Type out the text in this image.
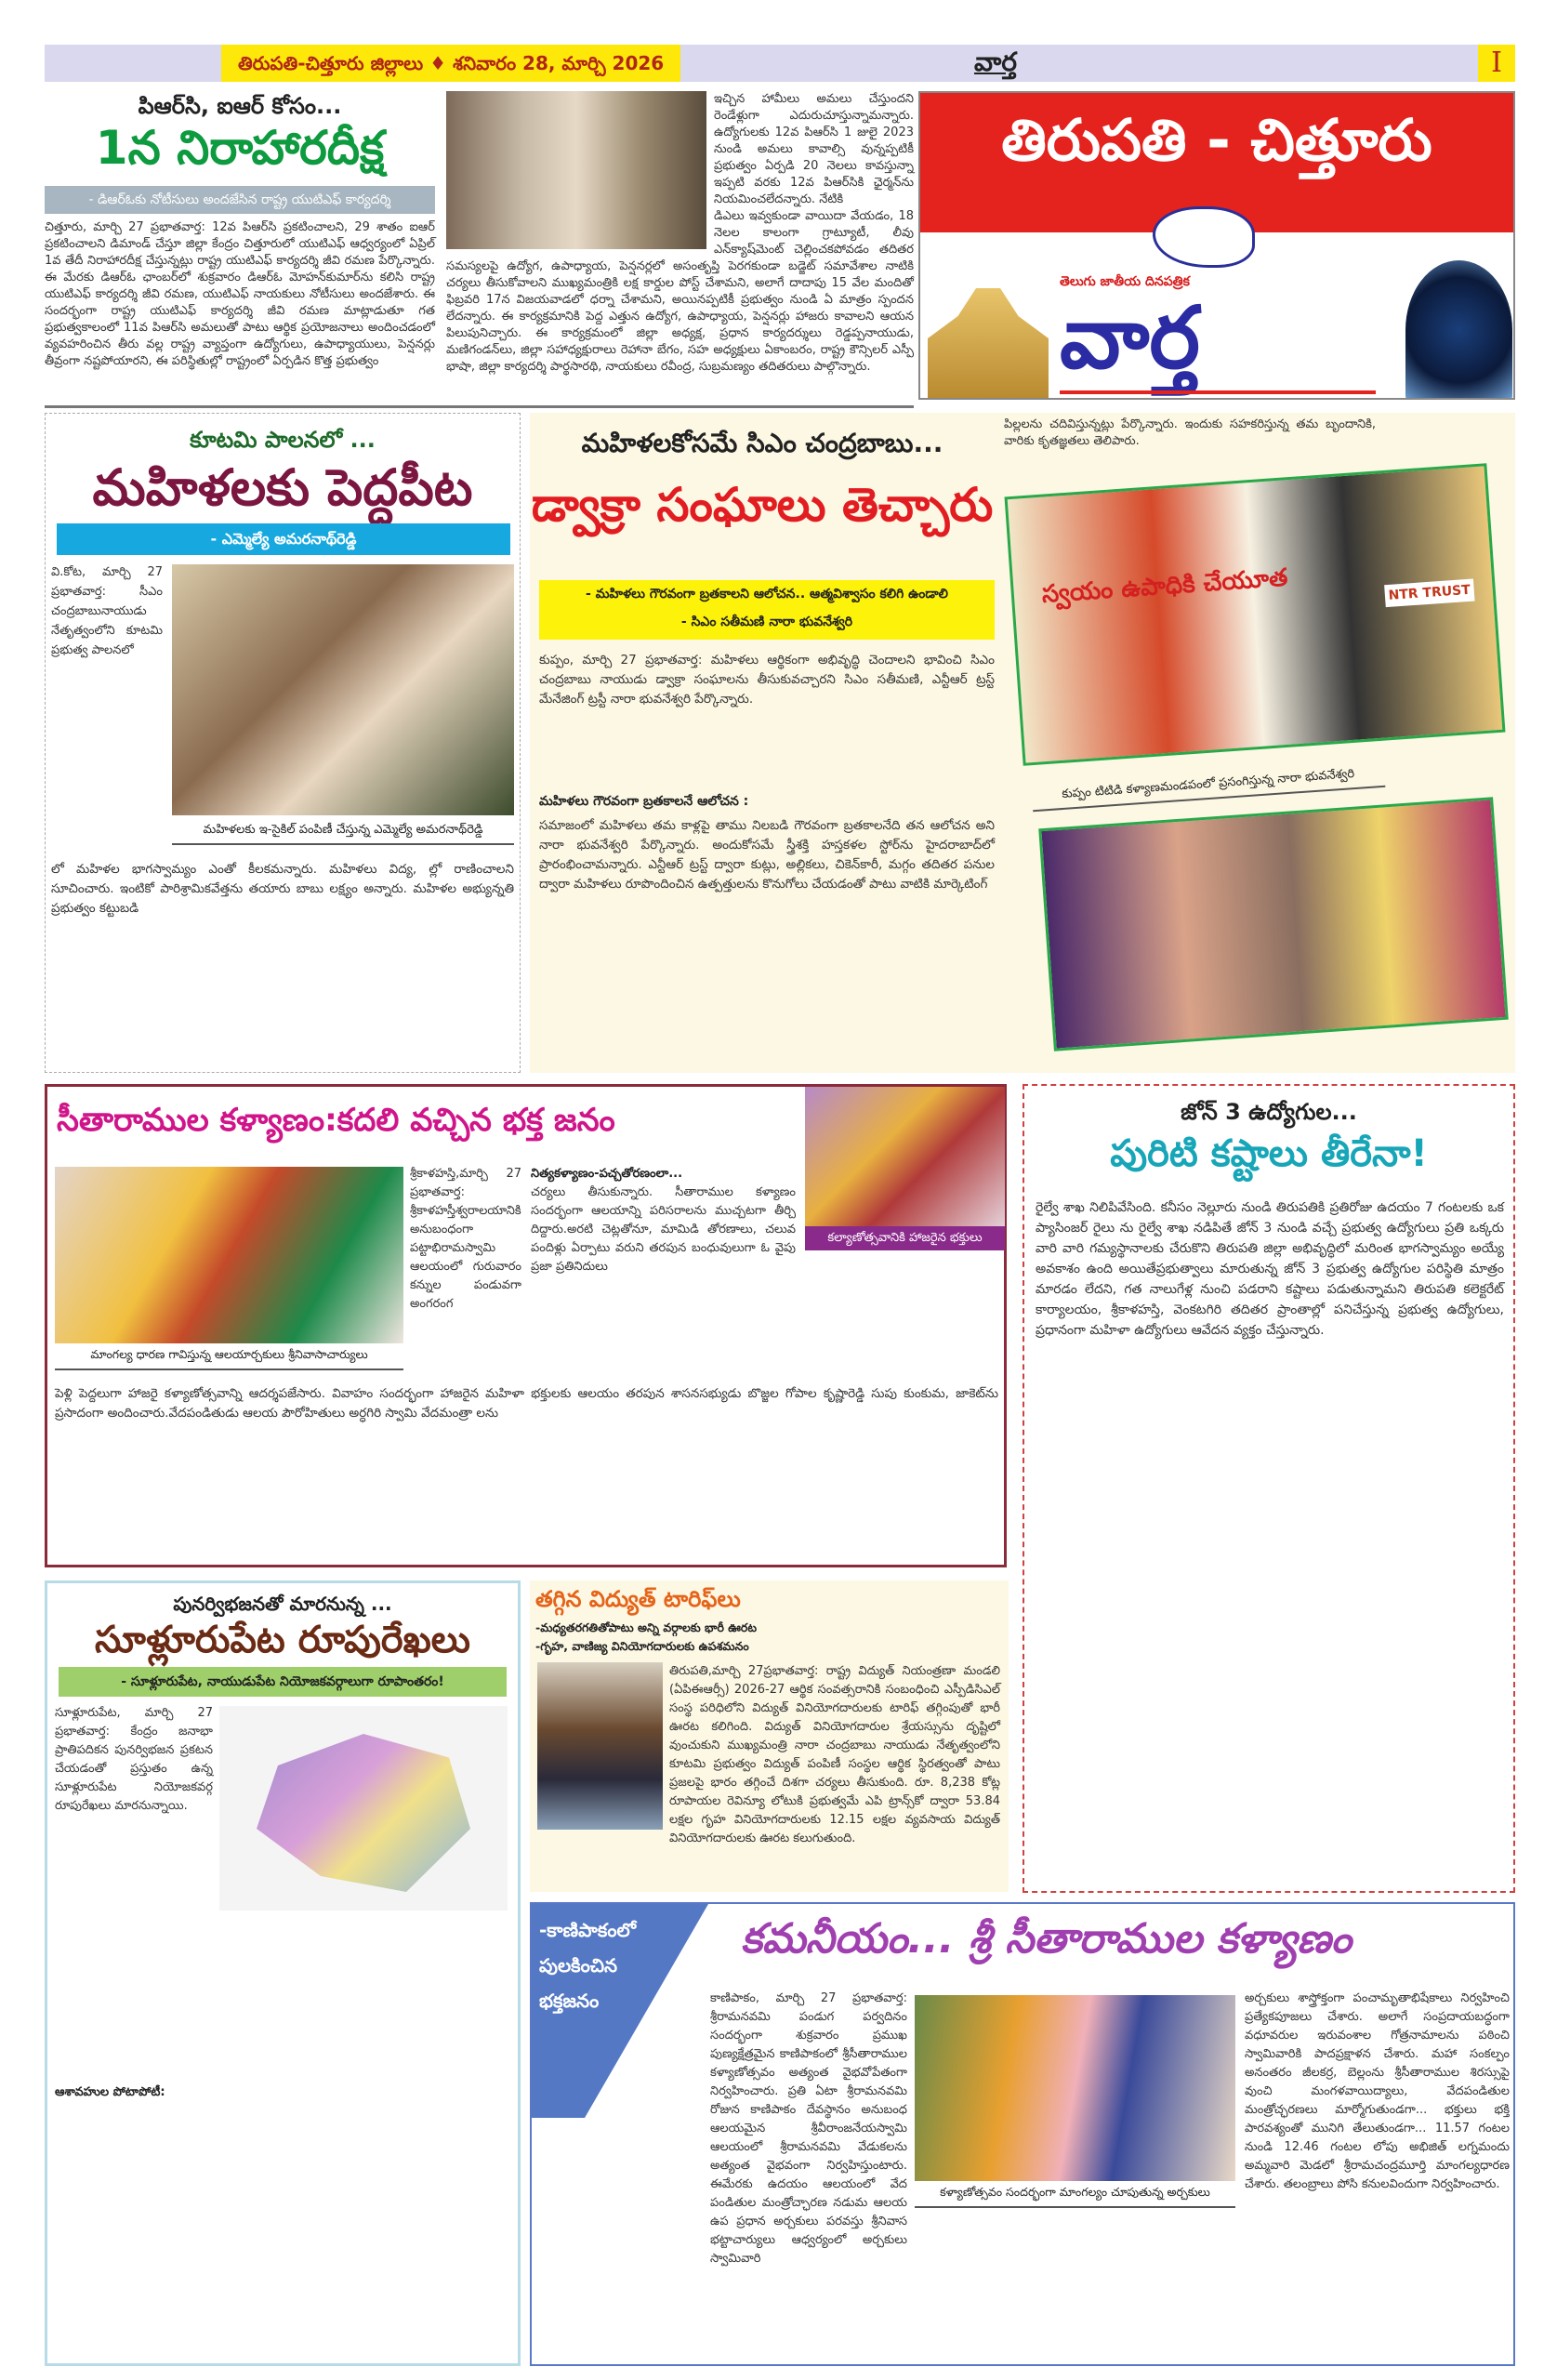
తిరుపతి-చిత్తూరు జిల్లాలు ♦ శనివారం 28, మార్చి 2026	వార్త	I
పిఆర్‌సి, ఐఆర్ కోసం...
1న నిరాహారదీక్ష
- డిఆర్‌ఓకు నోటీసులు అందజేసిన రాష్ట్ర యుటిఎఫ్ కార్యదర్శి
చిత్తూరు, మార్చి 27 ప్రభాతవార్త: 12వ పిఆర్‌సి ప్రకటించాలని, 29 శాతం ఐఆర్ ప్రకటించాలని డిమాండ్ చేస్తూ జిల్లా కేంద్రం చిత్తూరులో యుటిఎఫ్ ఆధ్వర్యంలో ఏప్రిల్ 1వ తేదీ నిరాహారదీక్ష చేస్తున్నట్లు రాష్ట్ర యుటిఎఫ్ కార్యదర్శి జీవి రమణ పేర్కొన్నారు. ఈ మేరకు డిఆర్‌ఓ ఛాంబర్‌లో శుక్రవారం డిఆర్‌ఓ మోహన్‌కుమార్‌ను కలిసి రాష్ట్ర యుటిఎఫ్ కార్యదర్శి జీవి రమణ, యుటిఎఫ్ నాయకులు నోటీసులు అందజేశారు. ఈ సందర్భంగా రాష్ట్ర యుటిఎఫ్ కార్యదర్శి జీవి రమణ మాట్లాడుతూ గత ప్రభుత్వకాలంలో 11వ పిఆర్‌సి అమలుతో పాటు ఆర్థిక ప్రయోజనాలు అందించడంలో వ్యవహరించిన తీరు వల్ల రాష్ట్ర వ్యాప్తంగా ఉద్యోగులు, ఉపాధ్యాయులు, పెన్షనర్లు తీవ్రంగా నష్టపోయారని, ఈ పరిస్థితుల్లో రాష్ట్రంలో ఏర్పడిన కొత్త ప్రభుత్వం

ఇచ్చిన హామీలు అమలు చేస్తుందని రెండేళ్లుగా ఎదురుచూస్తున్నామన్నారు. ఉద్యోగులకు 12వ పిఆర్‌సి 1 జులై 2023 నుండి అమలు కావాల్సి వున్నప్పటికీ ప్రభుత్వం ఏర్పడి 20 నెలలు కావస్తున్నా ఇప్పటి వరకు 12వ పిఆర్‌సికి ఛైర్మన్‌ను నియమించలేదన్నారు. నేటికి

డిఎలు ఇవ్వకుండా వాయిదా వేయడం, 18 నెలల కాలంగా గ్రాట్యూటీ, లీవు ఎన్‌క్యాష్‌మెంట్ చెల్లించకపోవడం తదితర సమస్యలపై ఉద్యోగ, ఉపాధ్యాయ, పెన్షనర్లలో అసంతృప్తి పెరగకుండా బడ్జెట్ సమావేశాల నాటికి చర్యలు తీసుకోవాలని ముఖ్యమంత్రికి లక్ష కార్డుల పోస్ట్ చేశామని, అలాగే దాదాపు 15 వేల మందితో ఫిబ్రవరి 17న విజయవాడలో ధర్నా చేశామని, అయినప్పటికీ ప్రభుత్వం నుండి ఏ మాత్రం స్పందన లేదన్నారు. ఈ కార్యక్రమానికి పెద్ద ఎత్తున ఉద్యోగ, ఉపాధ్యాయ, పెన్షనర్లు హాజరు కావాలని ఆయన పిలుపునిచ్చారు. ఈ కార్యక్రమంలో జిల్లా అధ్యక్ష, ప్రధాన కార్యదర్శులు రెడ్డప్పనాయుడు, మణిగండన్‌లు, జిల్లా సహాధ్యక్షురాలు రెహానా బేగం, సహ అధ్యక్షులు ఏకాంబరం, రాష్ట్ర కౌన్సిలర్ ఎస్పీ భాషా, జిల్లా కార్యదర్శి పార్థసారథి, నాయకులు రవీంద్ర, సుబ్రమణ్యం తదితరులు పాల్గొన్నారు.

తిరుపతి - చిత్తూరు
తెలుగు జాతీయ దినపత్రిక
వార్త
కూటమి పాలనలో ...
మహిళలకు పెద్దపీట
- ఎమ్మెల్యే అమరనాథ్‌రెడ్డి
వి.కోట, మార్చి 27 ప్రభాతవార్త: సీఎం చంద్రబాబునాయుడు నేతృత్వంలోని కూటమి ప్రభుత్వ పాలనలో
మహిళలకు ఇ-సైకిల్ పంపిణీ చేస్తున్న ఎమ్మెల్యే అమరనాథ్‌రెడ్డి
లో మహిళల భాగస్వామ్యం ఎంతో కీలకమన్నారు. మహిళలు విద్య, ల్లో రాణించాలని సూచించారు. ఇంటికో పారిశ్రామికవేత్తను తయారు బాబు లక్ష్యం అన్నారు. మహిళల అభ్యున్నతి ప్రభుత్వం కట్టుబడి
మహిళలకోసమే సిఎం చంద్రబాబు...
డ్వాక్రా సంఘాలు తెచ్చారు
- మహిళలు గౌరవంగా బ్రతకాలని ఆలోచన.. ఆత్మవిశ్వాసం కలిగి ఉండాలి
- సిఎం సతీమణి నారా భువనేశ్వరి
పిల్లలను చదివిస్తున్నట్లు పేర్కొన్నారు. ఇందుకు సహకరిస్తున్న తమ బృందానికి, వారికు కృతజ్ఞతలు తెలిపారు.
స్వయం ఉపాధికి చేయూత	NTR TRUST
కుప్పం టిటిడి కళ్యాణమండపంలో ప్రసంగిస్తున్న నారా భువనేశ్వరి
కుప్పం, మార్చి 27 ప్రభాతవార్త: మహిళలు ఆర్థికంగా అభివృద్ధి చెందాలని భావించి సిఎం చంద్రబాబు నాయుడు డ్వాక్రా సంఘాలను తీసుకువచ్చారని సిఎం సతీమణి, ఎన్టీఆర్ ట్రస్ట్ మేనేజింగ్ ట్రస్టీ నారా భువనేశ్వరి పేర్కొన్నారు.
మహిళలు గౌరవంగా బ్రతకాలనే ఆలోచన :
సమాజంలో మహిళలు తమ కాళ్లపై తాము నిలబడి గౌరవంగా బ్రతకాలనేది తన ఆలోచన అని నారా భువనేశ్వరి పేర్కొన్నారు. అందుకోసమే స్త్రీశక్తి హస్తకళల స్టోర్‌ను హైదరాబాద్‌లో ప్రారంభించామన్నారు. ఎన్టీఆర్ ట్రస్ట్ ద్వారా కుట్లు, అల్లికలు, చికెన్‌కారీ, మగ్గం తదితర పనుల ద్వారా మహిళలు రూపొందించిన ఉత్పత్తులను కొనుగోలు చేయడంతో పాటు వాటికి మార్కెటింగ్
సీతారాముల కళ్యాణం:కదలి వచ్చిన భక్త జనం
కల్యాణోత్సవానికి హాజరైన భక్తులు
మాంగల్య ధారణ గావిస్తున్న ఆలయార్చకులు శ్రీనివాసాచార్యులు
శ్రీకాళహస్తి,మార్చి 27 ప్రభాతవార్త: శ్రీకాళహస్తీశ్వరాలయానికి అనుబంధంగా పట్టాభిరామస్వామి ఆలయంలో గురువారం కన్నుల పండువగా అంగరంగ
నిత్యకళ్యాణం-పచ్చతోరణంలా...
చర్యలు తీసుకున్నారు. సీతారాముల కళ్యాణం సందర్భంగా ఆలయాన్ని పరిసరాలను ముచ్చటగా తీర్చి దిద్దారు.అరటి చెట్లతోనూ, మామిడి తోరణాలు, చలువ పందిళ్లు ఏర్పాటు వరుని తరపున బంధువులుగా ఓ వైపు ప్రజా ప్రతినిదులు
పెళ్లి పెద్దలుగా హాజరై కళ్యాణోత్సవాన్ని ఆదర్శపజేసారు. వివాహం సందర్భంగా హాజరైన మహిళా భక్తులకు ఆలయం తరపున శాసనసభ్యుడు బొజ్జల గోపాల కృష్ణారెడ్డి సుపు కుంకుమ, జాకెట్‌ను ప్రసాదంగా అందించారు.వేదపండితుడు ఆలయ పౌరోహితులు అర్ధగిరి స్వామి వేదమంత్రా లను
జోన్ 3 ఉద్యోగుల...
పురిటి కష్టాలు తీరేనా!
రైల్వే శాఖ నిలిపివేసింది. కనీసం నెల్లూరు నుండి తిరుపతికి ప్రతిరోజు ఉదయం 7 గంటలకు ఒక ప్యాసింజర్ రైలు ను రైల్వే శాఖ నడిపితే జోన్ 3 నుండి వచ్చే ప్రభుత్వ ఉద్యోగులు ప్రతి ఒక్కరు వారి వారి గమ్యస్థానాలకు చేరుకొని తిరుపతి జిల్లా అభివృద్ధిలో మరింత భాగస్వామ్యం అయ్యే అవకాశం ఉంది అయితేప్రభుత్వాలు మారుతున్న జోన్ 3 ప్రభుత్వ ఉద్యోగుల పరిస్థితి మాత్రం మారడం లేదని, గత నాలుగేళ్ల నుంచి పడరాని కష్టాలు పడుతున్నామని తిరుపతి కలెక్టరేట్ కార్యాలయం, శ్రీకాళహస్తి, వెంకటగిరి తదితర ప్రాంతాల్లో పనిచేస్తున్న ప్రభుత్వ ఉద్యోగులు, ప్రధానంగా మహిళా ఉద్యోగులు ఆవేదన వ్యక్తం చేస్తున్నారు.
పునర్విభజనతో మారనున్న ...
సూళ్లూరుపేట రూపురేఖలు
- సూళ్లూరుపేట, నాయుడుపేట నియోజకవర్గాలుగా రూపాంతరం!
సూళ్లూరుపేట, మార్చి 27 ప్రభాతవార్త: కేంద్రం జనాభా ప్రాతిపదికన పునర్విభజన ప్రకటన చేయడంతో ప్రస్తుతం ఉన్న సూళ్లూరుపేట నియోజకవర్గ రూపురేఖలు మారనున్నాయి.
ఆశావహుల పోటాపోటీ:
తగ్గిన విద్యుత్ టారిఫ్‌లు
-మధ్యతరగతితోపాటు అన్ని వర్గాలకు భారీ ఊరట
-గృహ, వాణిజ్య వినియోగదారులకు ఉపశమనం
తిరుపతి,మార్చి 27ప్రభాతవార్త: రాష్ట్ర విద్యుత్ నియంత్రణా మండలి (ఏపిఈఆర్సీ) 2026-27 ఆర్థిక సంవత్సరానికి సంబంధించి ఎస్పీడిసిఎల్ సంస్థ పరిధిలోని విద్యుత్ వినియోగదారులకు టారిఫ్ తగ్గింపుతో భారీ ఊరట కలిగింది. విద్యుత్ వినియోగదారుల శ్రేయస్సును దృష్టిలో వుంచుకుని ముఖ్యమంత్రి నారా చంద్రబాబు నాయుడు నేతృత్వంలోని కూటమి ప్రభుత్వం విద్యుత్ పంపిణీ సంస్థల ఆర్థిక స్థిరత్వంతో పాటు ప్రజలపై భారం తగ్గించే దిశగా చర్యలు తీసుకుంది. రూ. 8,238 కోట్ల రూపాయల రెవిన్యూ లోటుకి ప్రభుత్వమే ఎపి ట్రాన్స్‌కో ద్వారా 53.84 లక్షల గృహ వినియోగదారులకు 12.15 లక్షల వ్యవసాయ విద్యుత్ వినియోగదారులకు ఊరట కలుగుతుంది.
-కాణిపాకంలో
పులకించిన
భక్తజనం
కమనీయం... శ్రీ సీతారాముల కళ్యాణం
కాణిపాకం, మార్చి 27 ప్రభాతవార్త: శ్రీరామనవమి పండుగ పర్వదినం సందర్భంగా శుక్రవారం ప్రముఖ పుణ్యక్షేత్రమైన కాణిపాకంలో శ్రీసీతారాముల కళ్యాణోత్సవం అత్యంత వైభవోపేతంగా నిర్వహించారు. ప్రతి ఏటా శ్రీరామనవమి రోజున కాణిపాకం దేవస్థానం అనుబంధ ఆలయమైన శ్రీవీరాంజనేయస్వామి ఆలయంలో శ్రీరామనవమి వేడుకలను అత్యంత వైభవంగా నిర్వహిస్తుంటారు. ఈమేరకు ఉదయం ఆలయంలో వేద పండితుల మంత్రోచ్ఛారణ నడుమ ఆలయ ఉప ప్రధాన అర్చకులు పరవస్తు శ్రీనివాస భట్టాచార్యులు ఆధ్వర్యంలో అర్చకులు స్వామివారి
కళ్యాణోత్సవం సందర్భంగా మాంగల్యం చూపుతున్న అర్చకులు
అర్చకులు శాస్త్రోక్తంగా పంచామృతాభిషేకాలు నిర్వహించి ప్రత్యేకపూజలు చేశారు. అలాగే సంప్రదాయబద్ధంగా వధూవరుల ఇరువంశాల గోత్రనామాలను పఠించి స్వామివారికి పాదప్రక్షాళన చేశారు. మహా సంకల్పం అనంతరం జీలకర్ర, బెల్లంను శ్రీసీతారాముల శిరస్సుపై వుంచి మంగళవాయిద్యాలు, వేదపండితుల మంత్రోచ్ఛరణలు మార్మోగుతుండగా... భక్తులు భక్తి పారవశ్యంతో మునిగి తేలుతుండగా... 11.57 గంటల నుండి 12.46 గంటల లోపు అభిజిత్ లగ్నమందు అమ్మవారి మెడలో శ్రీరామచంద్రమూర్తి మాంగల్యధారణ చేశారు. తలంబ్రాలు పోసి కనులవిందుగా నిర్వహించారు.
